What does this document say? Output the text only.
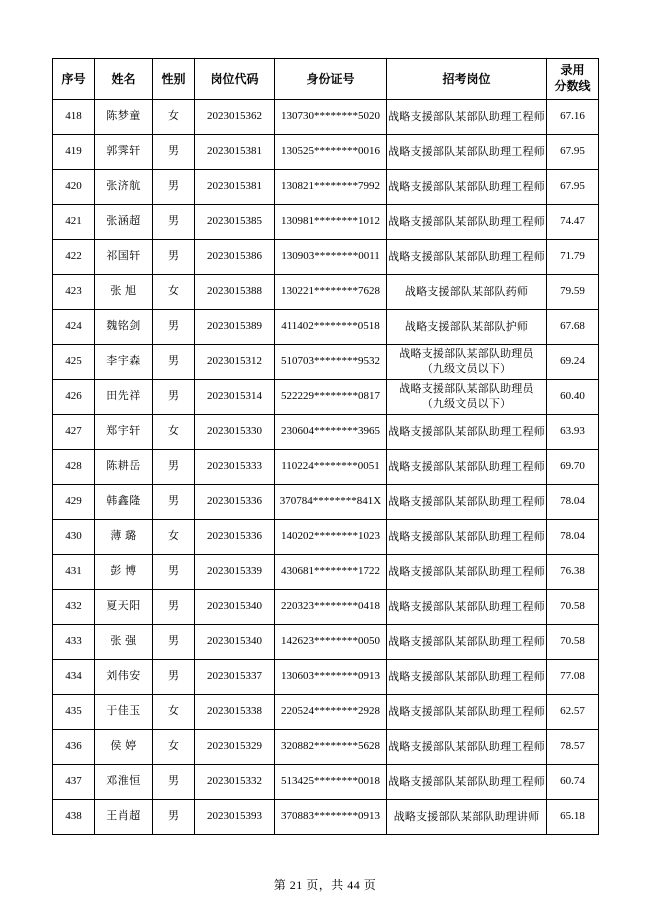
序号	姓名	性别	岗位代码	身份证号	招考岗位	录用
分数线

418	陈梦童	女	2023015362	130730********5020	战略支援部队某部队助理工程师	67.16
419	郭霁轩	男	2023015381	130525********0016	战略支援部队某部队助理工程师	67.95
420	张济航	男	2023015381	130821********7992	战略支援部队某部队助理工程师	67.95
421	张涵超	男	2023015385	130981********1012	战略支援部队某部队助理工程师	74.47
422	祁国轩	男	2023015386	130903********0011	战略支援部队某部队助理工程师	71.79
423	张 旭	女	2023015388	130221********7628	战略支援部队某部队药师	79.59
424	魏铭剑	男	2023015389	411402********0518	战略支援部队某部队护师	67.68
425	李宇森	男	2023015312	510703********9532	战略支援部队某部队助理员
（九级文员以下）	69.24
426	田先祥	男	2023015314	522229********0817	战略支援部队某部队助理员
（九级文员以下）	60.40
427	郑宇轩	女	2023015330	230604********3965	战略支援部队某部队助理工程师	63.93
428	陈耕岳	男	2023015333	110224********0051	战略支援部队某部队助理工程师	69.70
429	韩鑫隆	男	2023015336	370784********841X	战略支援部队某部队助理工程师	78.04
430	薄 璐	女	2023015336	140202********1023	战略支援部队某部队助理工程师	78.04
431	彭 博	男	2023015339	430681********1722	战略支援部队某部队助理工程师	76.38
432	夏天阳	男	2023015340	220323********0418	战略支援部队某部队助理工程师	70.58
433	张 强	男	2023015340	142623********0050	战略支援部队某部队助理工程师	70.58
434	刘伟安	男	2023015337	130603********0913	战略支援部队某部队助理工程师	77.08
435	于佳玉	女	2023015338	220524********2928	战略支援部队某部队助理工程师	62.57
436	侯 婷	女	2023015329	320882********5628	战略支援部队某部队助理工程师	78.57
437	邓淮恒	男	2023015332	513425********0018	战略支援部队某部队助理工程师	60.74
438	王肖超	男	2023015393	370883********0913	战略支援部队某部队助理讲师	65.18
第 21 页，共 44 页
